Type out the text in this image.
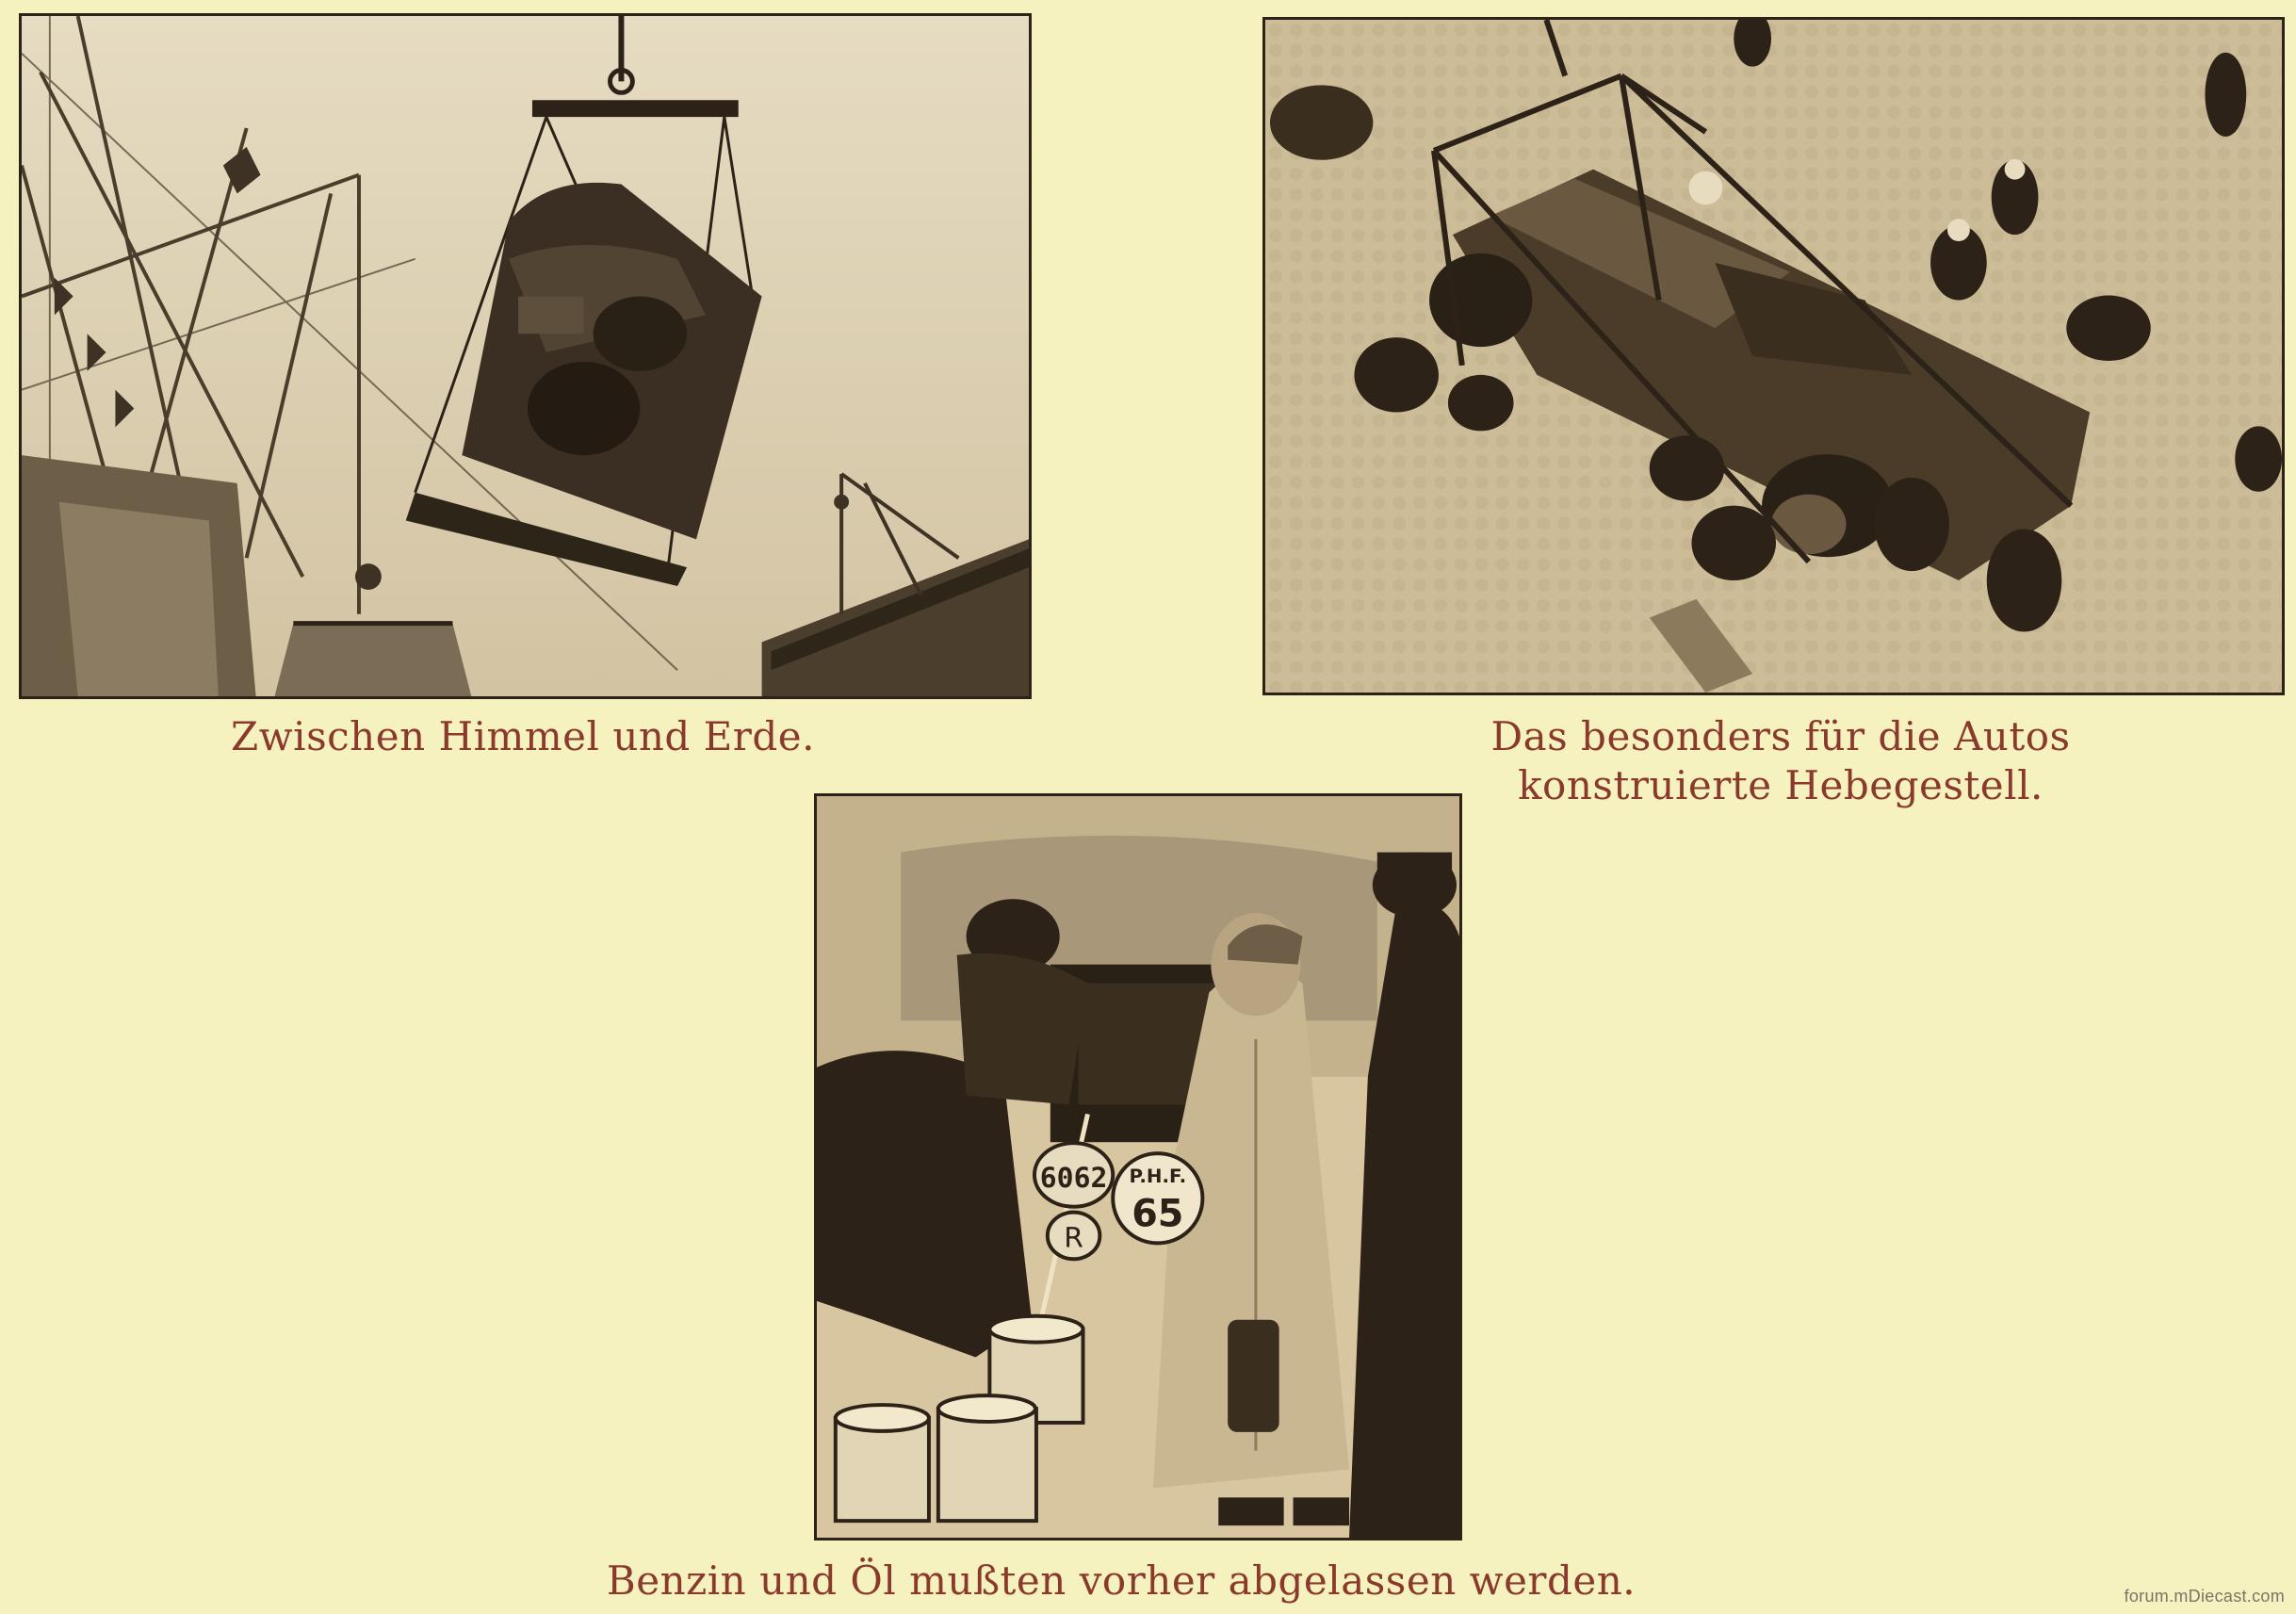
Zwischen Himmel und Erde.	Das besonders für die Autos
konstruierte Hebegestell.
6062
R
P.H.F.
65
Benzin und Öl mußten vorher abgelassen werden.	forum.mDiecast.com
